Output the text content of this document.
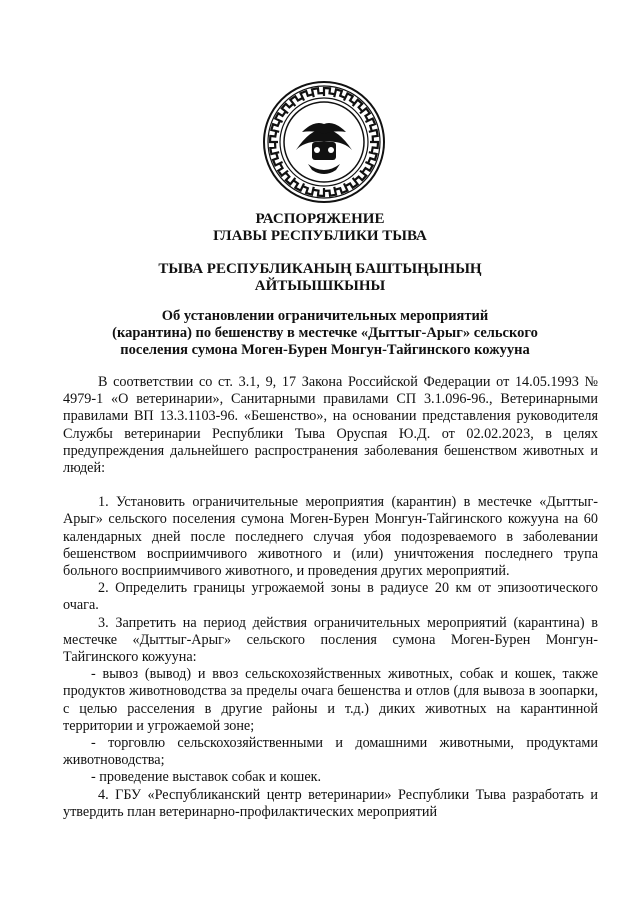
РАСПОРЯЖЕНИЕ
ГЛАВЫ РЕСПУБЛИКИ ТЫВА
ТЫВА РЕСПУБЛИКАНЫҢ БАШТЫҢЫНЫҢ
АЙТЫЫШКЫНЫ
Об установлении ограничительных мероприятий
(карантина) по бешенству в местечке «Дыттыг-Арыг» сельского
поселения сумона Моген-Бурен Монгун-Тайгинского кожууна

В соответствии со ст. 3.1, 9, 17 Закона Российской Федерации от 14.05.1993 № 4979-1 «О ветеринарии», Санитарными правилами СП 3.1.096-96., Ветеринарными правилами ВП 13.3.1103-96. «Бешенство», на основании представления руководителя Службы ветеринарии Республики Тыва Оруспая Ю.Д. от 02.02.2023, в целях предупреждения дальнейшего распространения заболевания бешенством животных и людей:

1. Установить ограничительные мероприятия (карантин) в местечке «Дыттыг-Арыг» сельского поселения сумона Моген-Бурен Монгун-Тайгинского кожууна на 60 календарных дней после последнего случая убоя подозреваемого в заболевании бешенством восприимчивого животного и (или) уничтожения последнего трупа больного восприимчивого животного, и проведения других мероприятий.

2. Определить границы угрожаемой зоны в радиусе 20 км от эпизоотического очага.

3. Запретить на период действия ограничительных мероприятий (карантина) в местечке «Дыттыг-Арыг» сельского посления сумона Моген-Бурен Монгун-Тайгинского кожууна:

- вывоз (вывод) и ввоз сельскохозяйственных животных, собак и кошек, также продуктов животноводства за пределы очага бешенства и отлов (для вывоза в зоопарки, с целью расселения в другие районы и т.д.) диких животных на карантинной территории и угрожаемой зоне;

- торговлю сельскохозяйственными и домашними животными, продуктами животноводства;

- проведение выставок собак и кошек.

4. ГБУ «Республиканский центр ветеринарии» Республики Тыва разработать и утвердить план ветеринарно-профилактических мероприятий
